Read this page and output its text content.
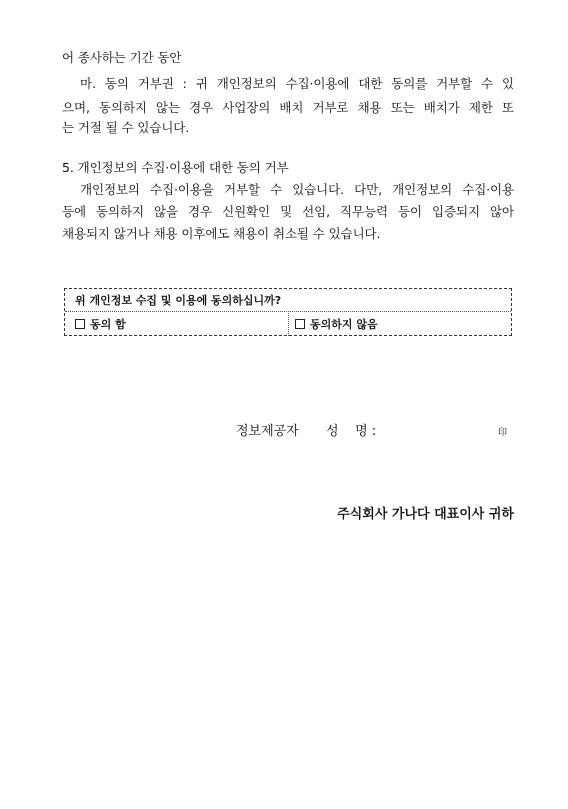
어 종사하는 기간 동안
마. 동의 거부권 : 귀 개인정보의 수집·이용에 대한 동의를 거부할 수 있
으며, 동의하지 않는 경우 사업장의 배치 거부로 채용 또는 배치가 제한 또
는 거절 될 수 있습니다.
5. 개인정보의 수집·이용에 대한 동의 거부
개인정보의 수집·이용을 거부할 수 있습니다. 다만, 개인정보의 수집·이용
등에 동의하지 않을 경우 신원확인 및 선임, 직무능력 등이 입증되지 않아
채용되지 않거나 채용 이후에도 채용이 취소될 수 있습니다.
위 개인정보 수집 및 이용에 동의하십니까?
동의 함	동의하지 않음
정보제공자 성    명 :	印
주식회사 가나다 대표이사 귀하
